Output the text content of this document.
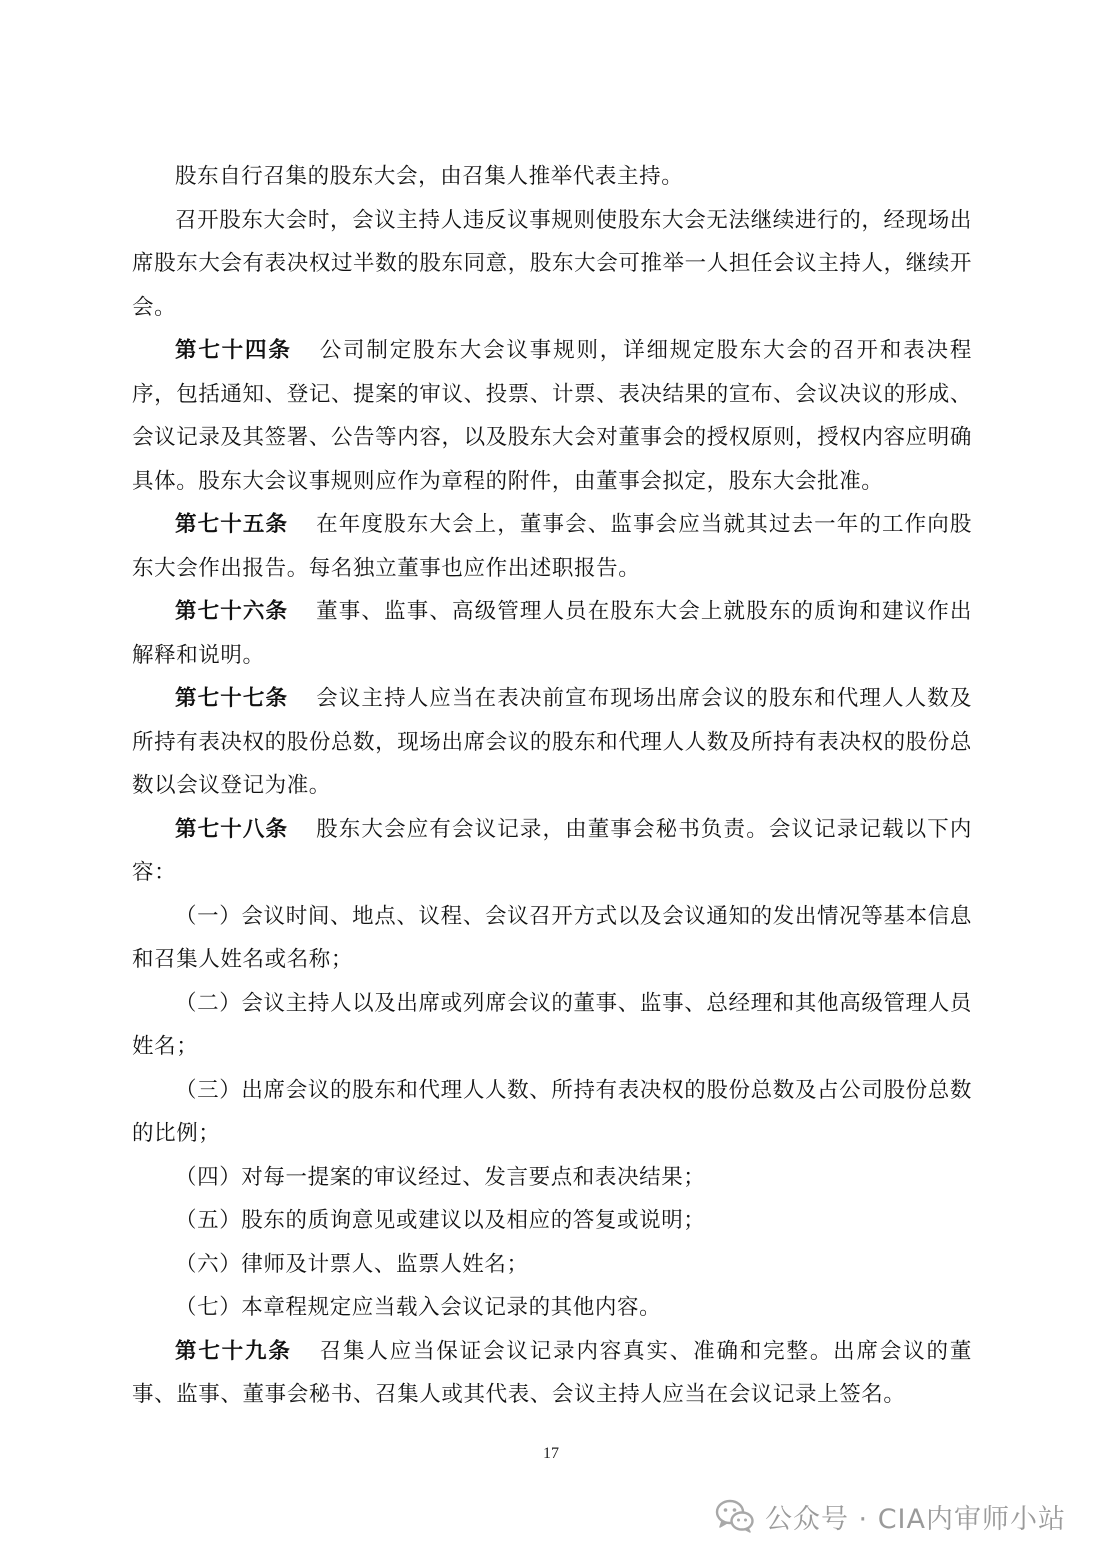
股东自行召集的股东大会，由召集人推举代表主持。

召开股东大会时，会议主持人违反议事规则使股东大会无法继续进行的，经现场出席股东大会有表决权过半数的股东同意，股东大会可推举一人担任会议主持人，继续开会。

第七十四条 公司制定股东大会议事规则，详细规定股东大会的召开和表决程序，包括通知、登记、提案的审议、投票、计票、表决结果的宣布、会议决议的形成、会议记录及其签署、公告等内容，以及股东大会对董事会的授权原则，授权内容应明确具体。股东大会议事规则应作为章程的附件，由董事会拟定，股东大会批准。

第七十五条 在年度股东大会上，董事会、监事会应当就其过去一年的工作向股东大会作出报告。每名独立董事也应作出述职报告。

第七十六条 董事、监事、高级管理人员在股东大会上就股东的质询和建议作出解释和说明。

第七十七条 会议主持人应当在表决前宣布现场出席会议的股东和代理人人数及所持有表决权的股份总数，现场出席会议的股东和代理人人数及所持有表决权的股份总数以会议登记为准。

第七十八条 股东大会应有会议记录，由董事会秘书负责。会议记录记载以下内容：

（一）会议时间、地点、议程、会议召开方式以及会议通知的发出情况等基本信息和召集人姓名或名称；

（二）会议主持人以及出席或列席会议的董事、监事、总经理和其他高级管理人员姓名；

（三）出席会议的股东和代理人人数、所持有表决权的股份总数及占公司股份总数的比例；

（四）对每一提案的审议经过、发言要点和表决结果；

（五）股东的质询意见或建议以及相应的答复或说明；

（六）律师及计票人、监票人姓名；

（七）本章程规定应当载入会议记录的其他内容。

第七十九条 召集人应当保证会议记录内容真实、准确和完整。出席会议的董事、监事、董事会秘书、召集人或其代表、会议主持人应当在会议记录上签名。

17
公众号 · CIA内审师小站
